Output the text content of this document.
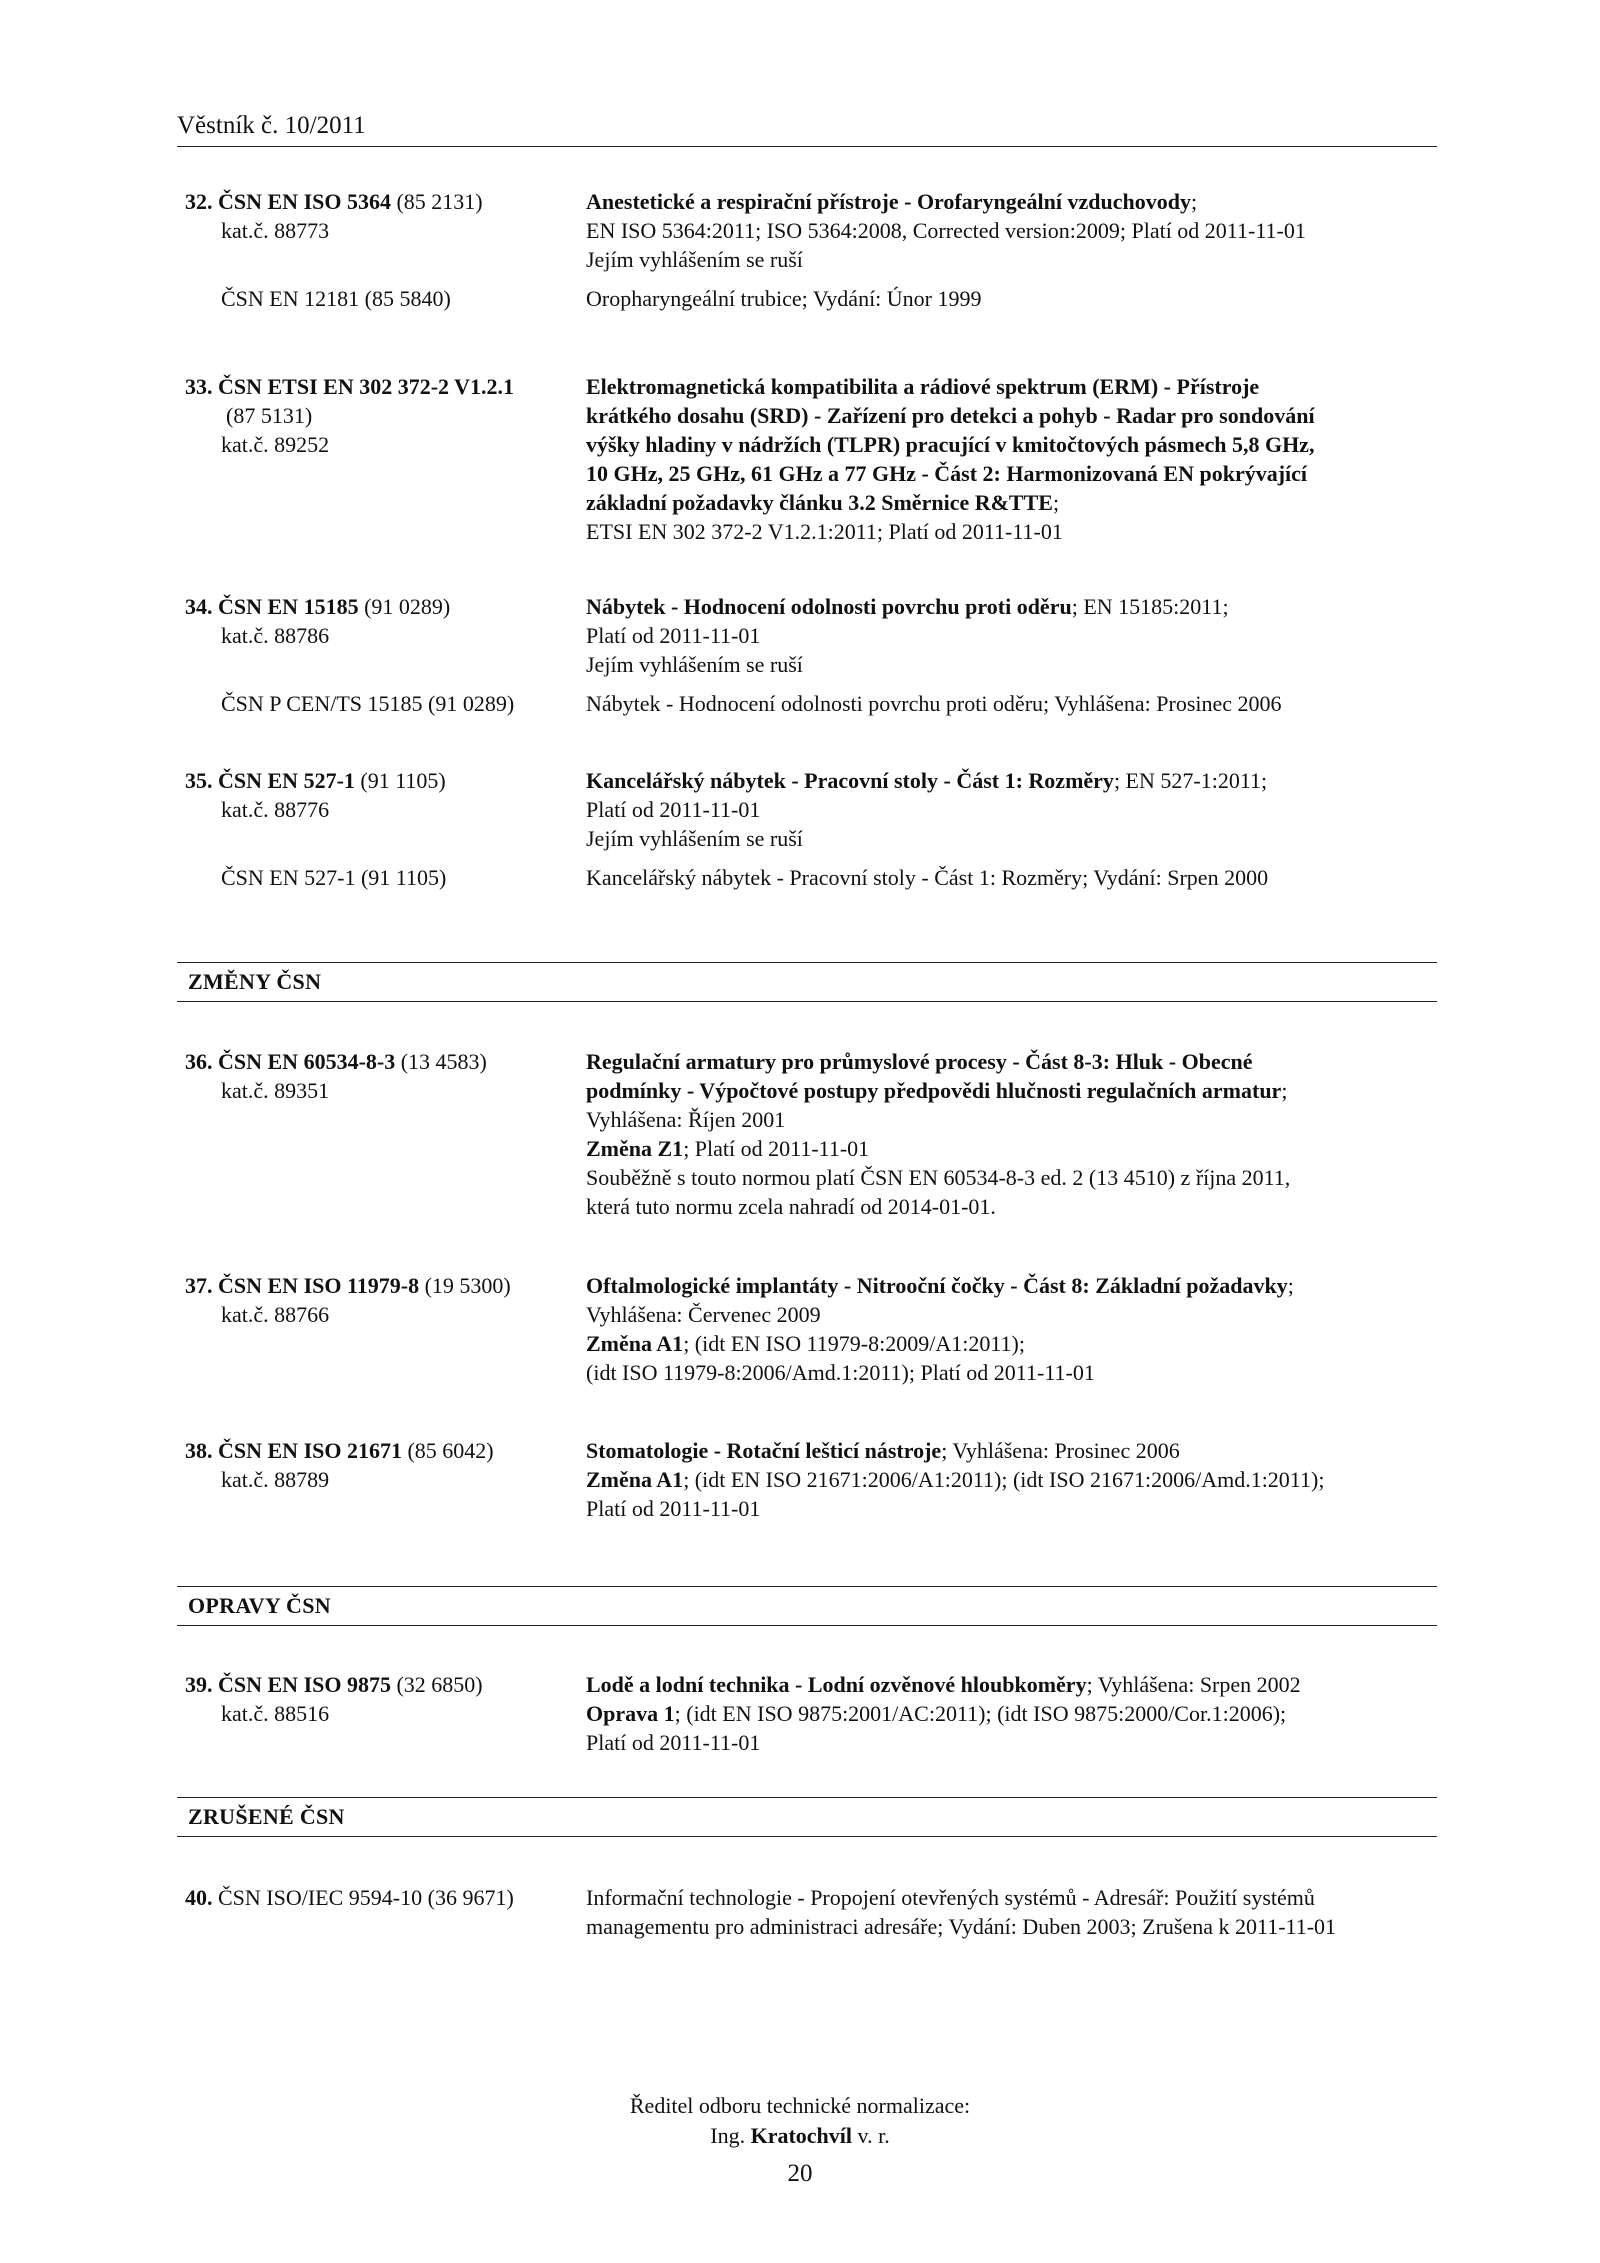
Věstník č. 10/2011
32. ČSN EN ISO 5364 (85 2131)	Anestetické a respirační přístroje - Orofaryngeální vzduchovody;
kat.č. 88773	EN ISO 5364:2011; ISO 5364:2008, Corrected version:2009; Platí od 2011-11-01
Jejím vyhlášením se ruší
ČSN EN 12181 (85 5840)	Oropharyngeální trubice; Vydání: Únor 1999
33. ČSN ETSI EN 302 372-2 V1.2.1	Elektromagnetická kompatibilita a rádiové spektrum (ERM) - Přístroje
(87 5131)	krátkého dosahu (SRD) - Zařízení pro detekci a pohyb - Radar pro sondování
kat.č. 89252	výšky hladiny v nádržích (TLPR) pracující v kmitočtových pásmech 5,8 GHz,
10 GHz, 25 GHz, 61 GHz a 77 GHz - Část 2: Harmonizovaná EN pokrývající
základní požadavky článku 3.2 Směrnice R&TTE;
ETSI EN 302 372-2 V1.2.1:2011; Platí od 2011-11-01
34. ČSN EN 15185 (91 0289)	Nábytek - Hodnocení odolnosti povrchu proti oděru; EN 15185:2011;
kat.č. 88786	Platí od 2011-11-01
Jejím vyhlášením se ruší
ČSN P CEN/TS 15185 (91 0289)	Nábytek - Hodnocení odolnosti povrchu proti oděru; Vyhlášena: Prosinec 2006
35. ČSN EN 527-1 (91 1105)	Kancelářský nábytek - Pracovní stoly - Část 1: Rozměry; EN 527-1:2011;
kat.č. 88776	Platí od 2011-11-01
Jejím vyhlášením se ruší
ČSN EN 527-1 (91 1105)	Kancelářský nábytek - Pracovní stoly - Část 1: Rozměry; Vydání: Srpen 2000
ZMĚNY ČSN
36. ČSN EN 60534-8-3 (13 4583)	Regulační armatury pro průmyslové procesy - Část 8-3: Hluk - Obecné
kat.č. 89351	podmínky - Výpočtové postupy předpovědi hlučnosti regulačních armatur;
Vyhlášena: Říjen 2001
Změna Z1; Platí od 2011-11-01
Souběžně s touto normou platí ČSN EN 60534-8-3 ed. 2 (13 4510) z října 2011,
která tuto normu zcela nahradí od 2014-01-01.
37. ČSN EN ISO 11979-8 (19 5300)	Oftalmologické implantáty - Nitrooční čočky - Část 8: Základní požadavky;
kat.č. 88766	Vyhlášena: Červenec 2009
Změna A1; (idt EN ISO 11979-8:2009/A1:2011);
(idt ISO 11979-8:2006/Amd.1:2011); Platí od 2011-11-01
38. ČSN EN ISO 21671 (85 6042)	Stomatologie - Rotační lešticí nástroje; Vyhlášena: Prosinec 2006
kat.č. 88789	Změna A1; (idt EN ISO 21671:2006/A1:2011); (idt ISO 21671:2006/Amd.1:2011);
Platí od 2011-11-01
OPRAVY ČSN
39. ČSN EN ISO 9875 (32 6850)	Lodě a lodní technika - Lodní ozvěnové hloubkoměry; Vyhlášena: Srpen 2002
kat.č. 88516	Oprava 1; (idt EN ISO 9875:2001/AC:2011); (idt ISO 9875:2000/Cor.1:2006);
Platí od 2011-11-01
ZRUŠENÉ ČSN
40. ČSN ISO/IEC 9594-10 (36 9671)	Informační technologie - Propojení otevřených systémů - Adresář: Použití systémů
managementu pro administraci adresáře; Vydání: Duben 2003; Zrušena k 2011-11-01
Ředitel odboru technické normalizace:
Ing. Kratochvíl v. r.
20
